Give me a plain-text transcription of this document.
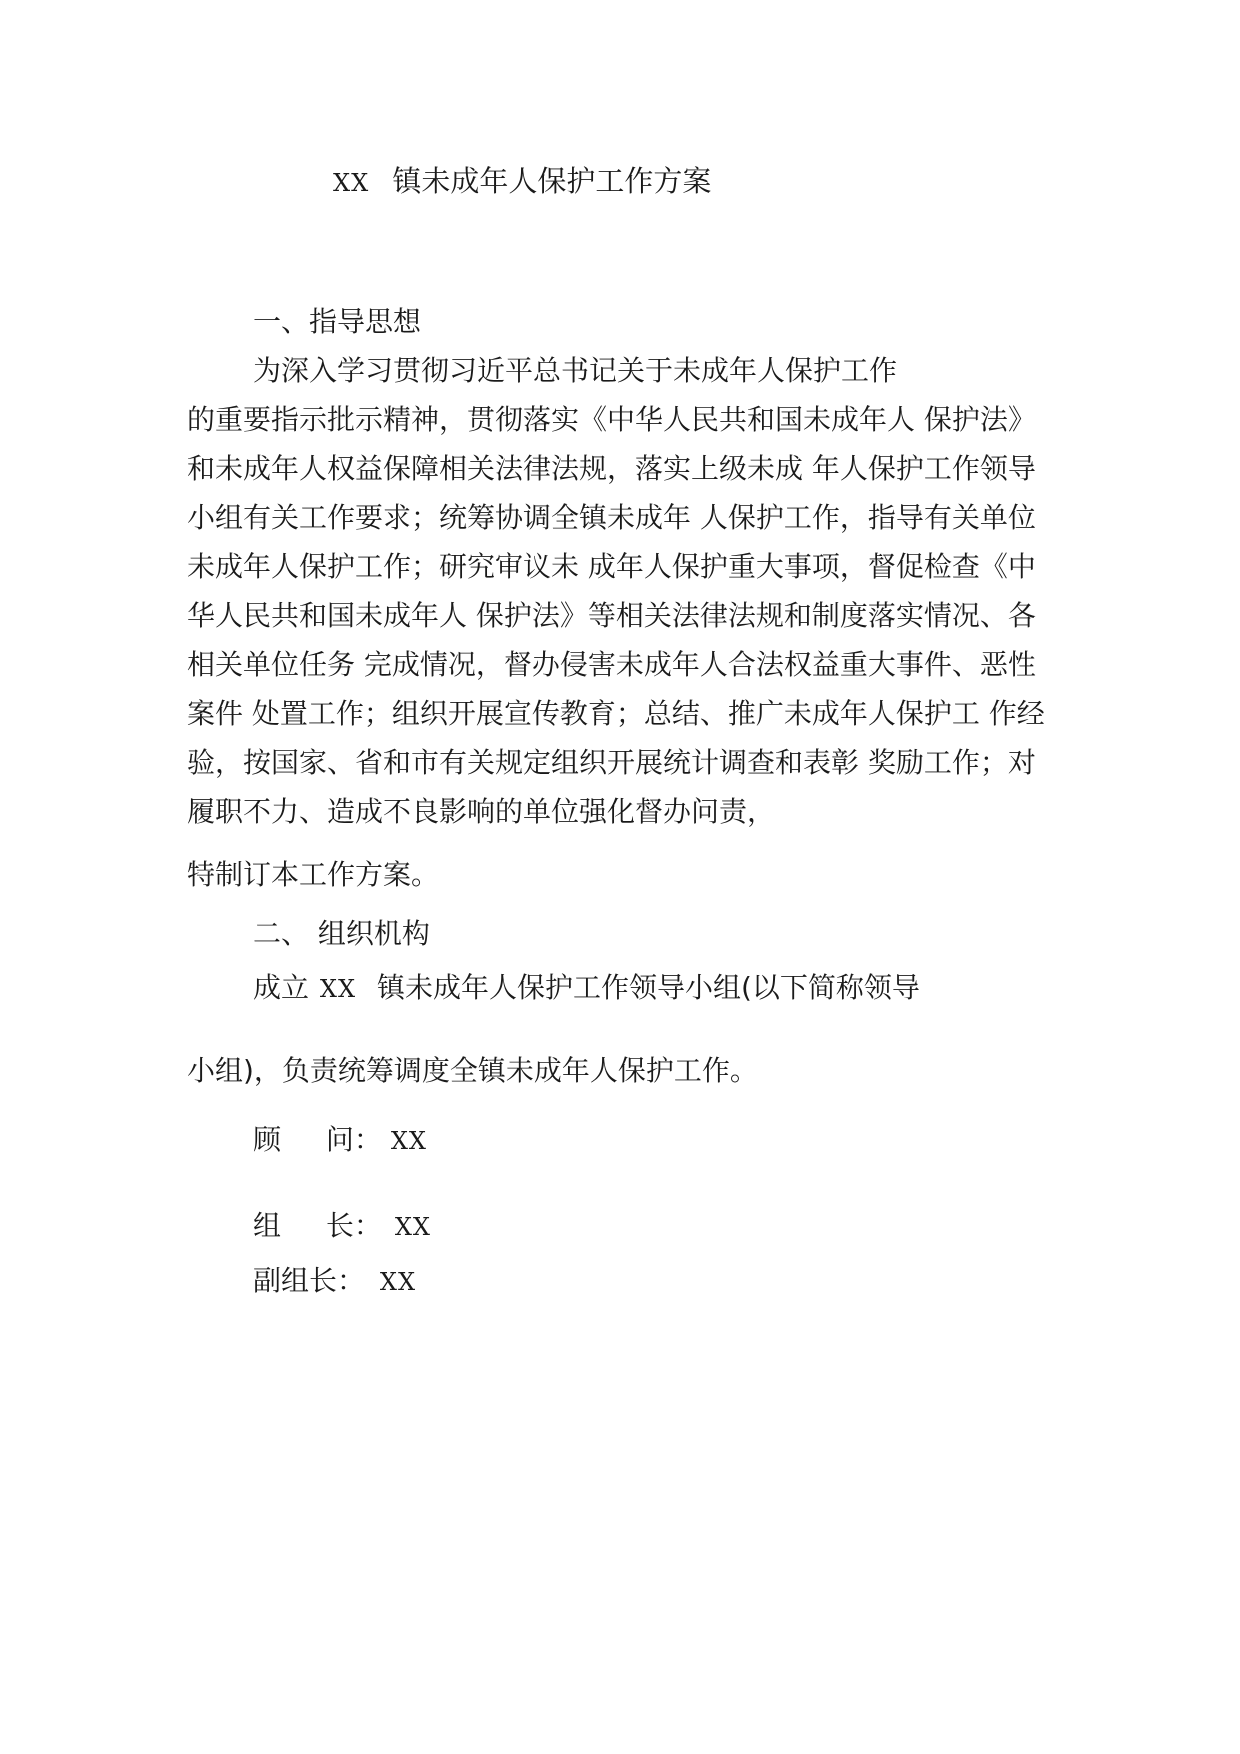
XX 镇未成年人保护工作方案
一、指导思想
为深入学习贯彻习近平总书记关于未成年人保护工作
的重要指示批示精神，贯彻落实《中华人民共和国未成年人 保护法》
和未成年人权益保障相关法律法规，落实上级未成 年人保护工作领导
小组有关工作要求；统筹协调全镇未成年 人保护工作，指导有关单位
未成年人保护工作；研究审议未 成年人保护重大事项，督促检查《中
华人民共和国未成年人 保护法》等相关法律法规和制度落实情况、各
相关单位任务 完成情况，督办侵害未成年人合法权益重大事件、恶性
案件 处置工作；组织开展宣传教育；总结、推广未成年人保护工 作经
验，按国家、省和市有关规定组织开展统计调查和表彰 奖励工作；对
履职不力、造成不良影响的单位强化督办问责，
特制订本工作方案。
二、 组织机构
成立 XX 镇未成年人保护工作领导小组(以下简称领导
小组)，负责统筹调度全镇未成年人保护工作。
顾 问： XX
组 长： XX
副组长： XX
